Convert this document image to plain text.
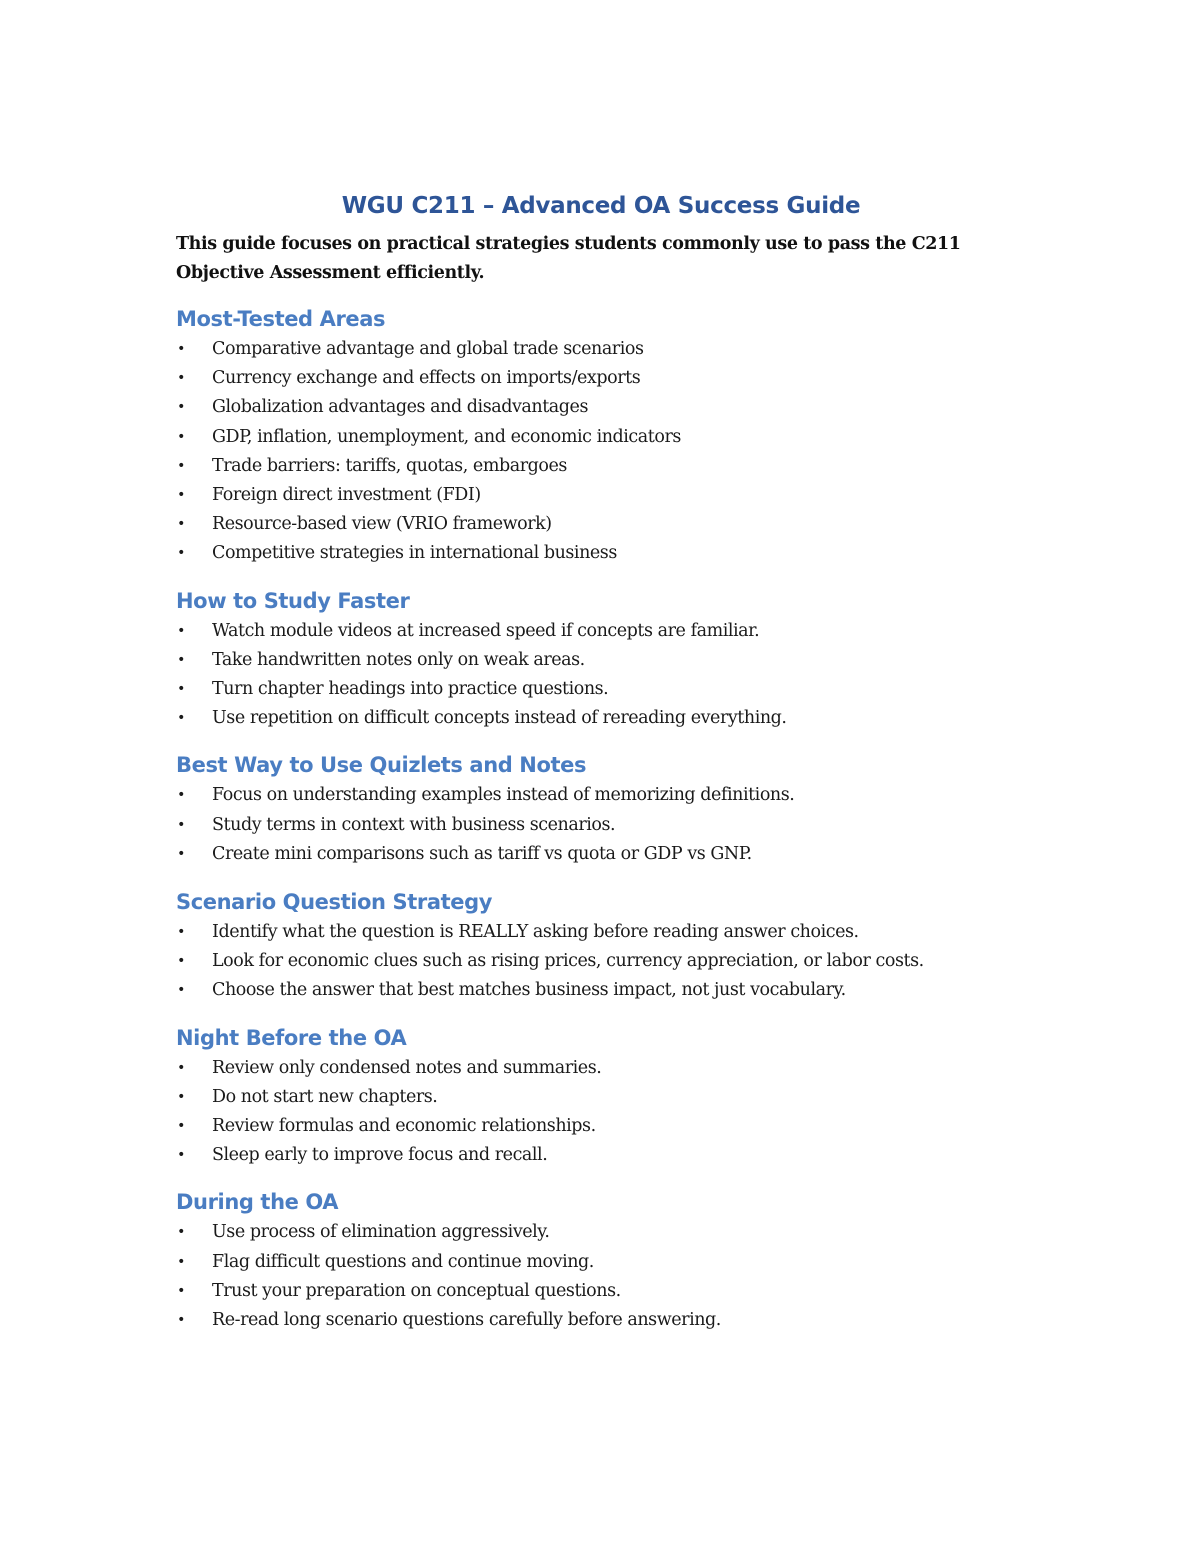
WGU C211 – Advanced OA Success Guide

This guide focuses on practical strategies students commonly use to pass the C211 Objective Assessment efficiently.

Most-Tested Areas
• Comparative advantage and global trade scenarios
• Currency exchange and effects on imports/exports
• Globalization advantages and disadvantages
• GDP, inflation, unemployment, and economic indicators
• Trade barriers: tariffs, quotas, embargoes
• Foreign direct investment (FDI)
• Resource-based view (VRIO framework)
• Competitive strategies in international business
How to Study Faster
• Watch module videos at increased speed if concepts are familiar.
• Take handwritten notes only on weak areas.
• Turn chapter headings into practice questions.
• Use repetition on difficult concepts instead of rereading everything.
Best Way to Use Quizlets and Notes
• Focus on understanding examples instead of memorizing definitions.
• Study terms in context with business scenarios.
• Create mini comparisons such as tariff vs quota or GDP vs GNP.
Scenario Question Strategy
• Identify what the question is REALLY asking before reading answer choices.
• Look for economic clues such as rising prices, currency appreciation, or labor costs.
• Choose the answer that best matches business impact, not just vocabulary.
Night Before the OA
• Review only condensed notes and summaries.
• Do not start new chapters.
• Review formulas and economic relationships.
• Sleep early to improve focus and recall.
During the OA
• Use process of elimination aggressively.
• Flag difficult questions and continue moving.
• Trust your preparation on conceptual questions.
• Re-read long scenario questions carefully before answering.
